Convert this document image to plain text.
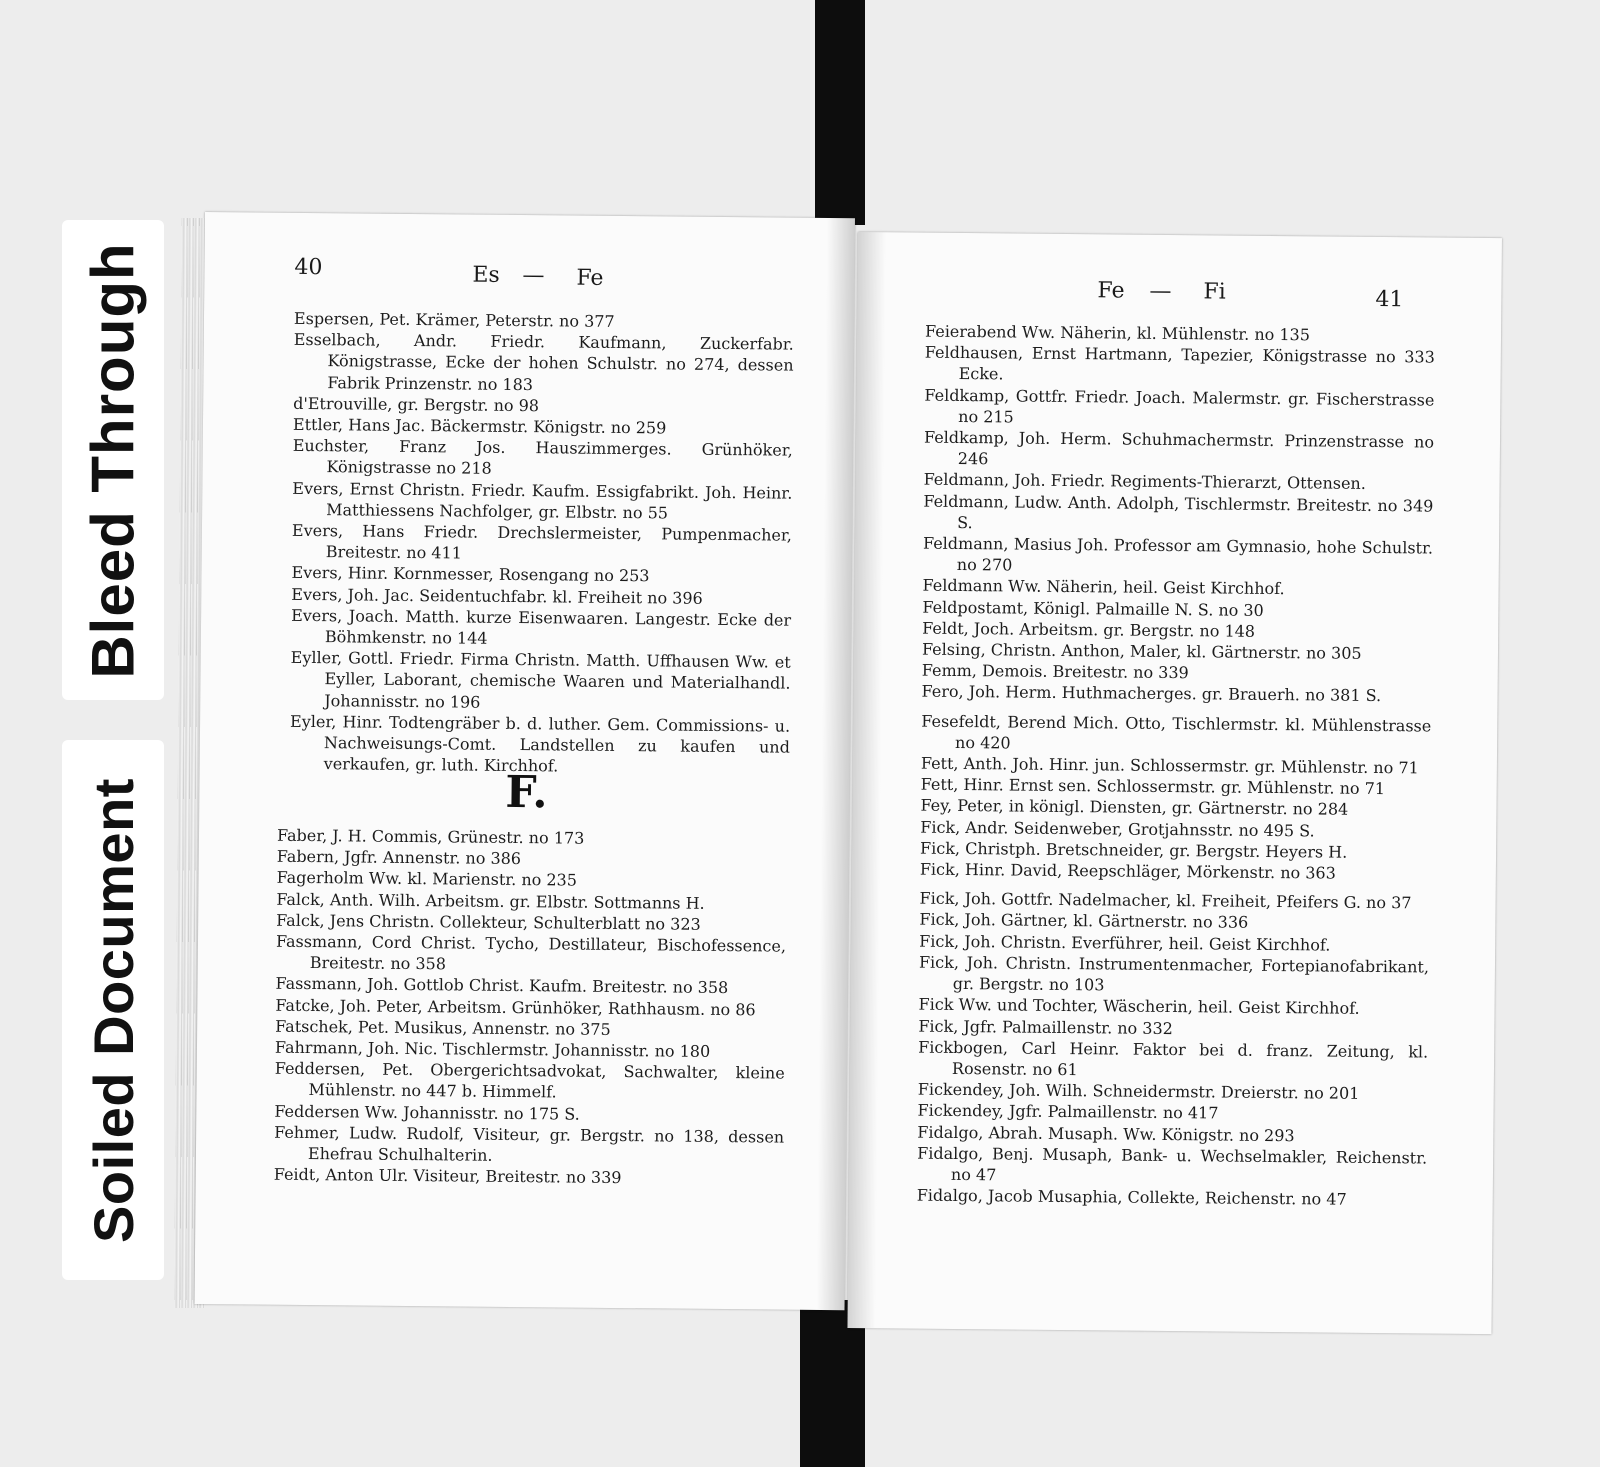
Bleed Through
Soiled Document
40	Es — Fe

Espersen, Pet. Krämer, Peterstr. no 377

Esselbach, Andr. Friedr. Kaufmann, Zuckerfabr. Königstrasse, Ecke der hohen Schulstr. no 274, dessen Fabrik Prinzenstr. no 183

d'Etrouville, gr. Bergstr. no 98

Ettler, Hans Jac. Bäckermstr. Königstr. no 259

Euchster, Franz Jos. Hauszimmerges. Grünhöker, Königstrasse no 218

Evers, Ernst Christn. Friedr. Kaufm. Essigfabrikt. Joh. Heinr. Matthiessens Nachfolger, gr. Elbstr. no 55

Evers, Hans Friedr. Drechslermeister, Pumpenmacher, Breitestr. no 411

Evers, Hinr. Kornmesser, Rosengang no 253

Evers, Joh. Jac. Seidentuchfabr. kl. Freiheit no 396

Evers, Joach. Matth. kurze Eisenwaaren. Langestr. Ecke der Böhmkenstr. no 144

Eyller, Gottl. Friedr. Firma Christn. Matth. Uffhausen Ww. et Eyller, Laborant, chemische Waaren und Materialhandl. Johannisstr. no 196

Eyler, Hinr. Todtengräber b. d. luther. Gem. Commissions- u. Nachweisungs-Comt. Landstellen zu kaufen und verkaufen, gr. luth. Kirchhof.

F.

Faber, J. H. Commis, Grünestr. no 173

Fabern, Jgfr. Annenstr. no 386

Fagerholm Ww. kl. Marienstr. no 235

Falck, Anth. Wilh. Arbeitsm. gr. Elbstr. Sottmanns H.

Falck, Jens Christn. Collekteur, Schulterblatt no 323

Fassmann, Cord Christ. Tycho, Destillateur, Bischofessence, Breitestr. no 358

Fassmann, Joh. Gottlob Christ. Kaufm. Breitestr. no 358

Fatcke, Joh. Peter, Arbeitsm. Grünhöker, Rathhausm. no 86

Fatschek, Pet. Musikus, Annenstr. no 375

Fahrmann, Joh. Nic. Tischlermstr. Johannisstr. no 180

Feddersen, Pet. Obergerichtsadvokat, Sachwalter, kleine Mühlenstr. no 447 b. Himmelf.

Feddersen Ww. Johannisstr. no 175 S.

Fehmer, Ludw. Rudolf, Visiteur, gr. Bergstr. no 138, dessen Ehefrau Schulhalterin.

Feidt, Anton Ulr. Visiteur, Breitestr. no 339

Fe — Fi	41

Feierabend Ww. Näherin, kl. Mühlenstr. no 135

Feldhausen, Ernst Hartmann, Tapezier, Königstrasse no 333 Ecke.

Feldkamp, Gottfr. Friedr. Joach. Malermstr. gr. Fischerstrasse no 215

Feldkamp, Joh. Herm. Schuhmachermstr. Prinzenstrasse no 246

Feldmann, Joh. Friedr. Regiments-Thierarzt, Ottensen.

Feldmann, Ludw. Anth. Adolph, Tischlermstr. Breitestr. no 349 S.

Feldmann, Masius Joh. Professor am Gymnasio, hohe Schulstr. no 270

Feldmann Ww. Näherin, heil. Geist Kirchhof.

Feldpostamt, Königl. Palmaille N. S. no 30

Feldt, Joch. Arbeitsm. gr. Bergstr. no 148

Felsing, Christn. Anthon, Maler, kl. Gärtnerstr. no 305

Femm, Demois. Breitestr. no 339

Fero, Joh. Herm. Huthmacherges. gr. Brauerh. no 381 S.

Fesefeldt, Berend Mich. Otto, Tischlermstr. kl. Mühlenstrasse no 420

Fett, Anth. Joh. Hinr. jun. Schlossermstr. gr. Mühlenstr. no 71

Fett, Hinr. Ernst sen. Schlossermstr. gr. Mühlenstr. no 71

Fey, Peter, in königl. Diensten, gr. Gärtnerstr. no 284

Fick, Andr. Seidenweber, Grotjahnsstr. no 495 S.

Fick, Christph. Bretschneider, gr. Bergstr. Heyers H.

Fick, Hinr. David, Reepschläger, Mörkenstr. no 363

Fick, Joh. Gottfr. Nadelmacher, kl. Freiheit, Pfeifers G. no 37

Fick, Joh. Gärtner, kl. Gärtnerstr. no 336

Fick, Joh. Christn. Everführer, heil. Geist Kirchhof.

Fick, Joh. Christn. Instrumentenmacher, Fortepianofabrikant, gr. Bergstr. no 103

Fick Ww. und Tochter, Wäscherin, heil. Geist Kirchhof.

Fick, Jgfr. Palmaillenstr. no 332

Fickbogen, Carl Heinr. Faktor bei d. franz. Zeitung, kl. Rosenstr. no 61

Fickendey, Joh. Wilh. Schneidermstr. Dreierstr. no 201

Fickendey, Jgfr. Palmaillenstr. no 417

Fidalgo, Abrah. Musaph. Ww. Königstr. no 293

Fidalgo, Benj. Musaph, Bank- u. Wechselmakler, Reichenstr. no 47

Fidalgo, Jacob Musaphia, Collekte, Reichenstr. no 47
